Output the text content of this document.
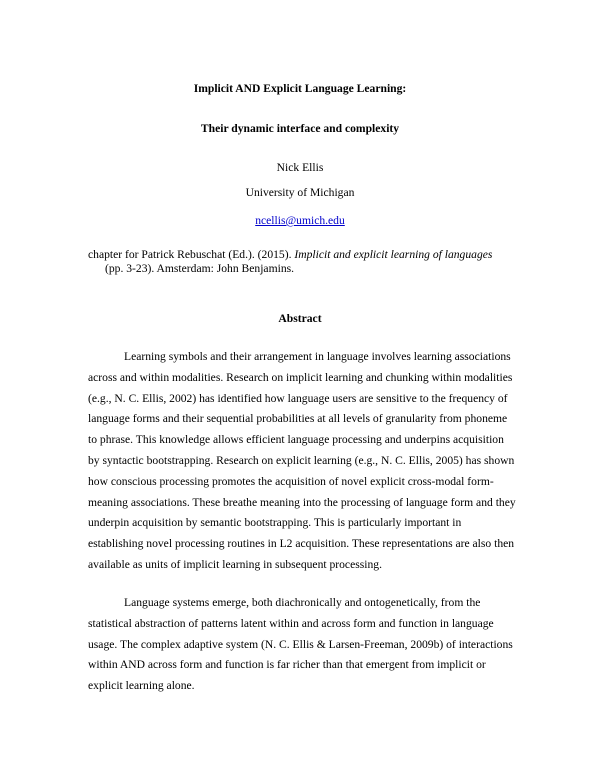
Implicit AND Explicit Language Learning:
Their dynamic interface and complexity
Nick Ellis
University of Michigan
ncellis@umich.edu
chapter for Patrick Rebuschat (Ed.). (2015). Implicit and explicit learning of languages
(pp. 3-23). Amsterdam: John Benjamins.
Abstract

Learning symbols and their arrangement in language involves learning associations across and within modalities. Research on implicit learning and chunking within modalities (e.g., N. C. Ellis, 2002) has identified how language users are sensitive to the frequency of language forms and their sequential probabilities at all levels of granularity from phoneme to phrase. This knowledge allows efficient language processing and underpins acquisition by syntactic bootstrapping. Research on explicit learning (e.g., N. C. Ellis, 2005) has shown how conscious processing promotes the acquisition of novel explicit cross-modal form-meaning associations. These breathe meaning into the processing of language form and they underpin acquisition by semantic bootstrapping. This is particularly important in establishing novel processing routines in L2 acquisition. These representations are also then available as units of implicit learning in subsequent processing.

Language systems emerge, both diachronically and ontogenetically, from the statistical abstraction of patterns latent within and across form and function in language usage. The complex adaptive system (N. C. Ellis & Larsen-Freeman, 2009b) of interactions within AND across form and function is far richer than that emergent from implicit or explicit learning alone.
